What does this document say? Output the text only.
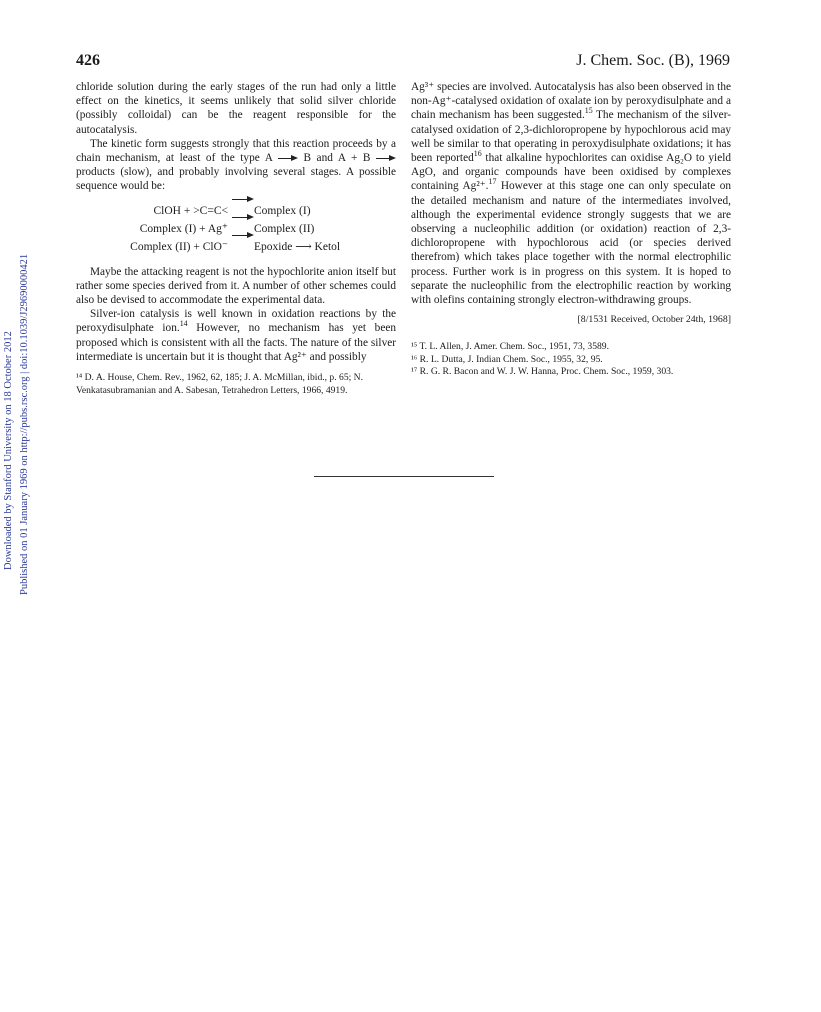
Downloaded by Stanford University on 18 October 2012 Published on 01 January 1969 on http://pubs.rsc.org | doi:10.1039/J29690000421
426	J. Chem. Soc. (B), 1969

chloride solution during the early stages of the run had only a little effect on the kinetics, it seems unlikely that solid silver chloride (possibly colloidal) can be the reagent responsible for the autocatalysis.

The kinetic form suggests strongly that this reaction proceeds by a chain mechanism, at least of the type A	B and A + B  products (slow), and probably involving several stages. A possible sequence would be:

ClOH + >C=C<	Complex (I)
Complex (I) + Ag⁺	Complex (II)
Complex (II) + ClO⁻	Epoxide ⟶ Ketol

Maybe the attacking reagent is not the hypochlorite anion itself but rather some species derived from it. A number of other schemes could also be devised to accommodate the experimental data.

Silver-ion catalysis is well known in oxidation reactions by the peroxydisulphate ion.$^{14}$ However, no mechanism has yet been proposed which is consistent with all the facts. The nature of the silver intermediate is uncertain but it is thought that Ag²⁺ and possibly

¹⁴ D. A. House, Chem. Rev., 1962, 62, 185; J. A. McMillan, ibid., p. 65; N. Venkatasubramanian and A. Sabesan, Tetrahedron Letters, 1966, 4919.

Ag³⁺ species are involved. Autocatalysis has also been observed in the non-Ag⁺-catalysed oxidation of oxalate ion by peroxydisulphate and a chain mechanism has been suggested.$^{15}$ The mechanism of the silver-catalysed oxidation of 2,3-dichloropropene by hypochlorous acid may well be similar to that operating in peroxydisulphate oxidations; it has been reported$^{16}$ that alkaline hypochlorites can oxidise Ag₂O to yield AgO, and organic compounds have been oxidised by complexes containing Ag²⁺.$^{17}$ However at this stage one can only speculate on the detailed mechanism and nature of the intermediates involved, although the experimental evidence strongly suggests that we are observing a nucleophilic addition (or oxidation) reaction of 2,3-dichloropropene with hypochlorous acid (or species derived therefrom) which takes place together with the normal electrophilic process. Further work is in progress on this system. It is hoped to separate the nucleophilic from the electrophilic reaction by working with olefins containing strongly electron-withdrawing groups.

[8/1531 Received, October 24th, 1968]

¹⁵ T. L. Allen, J. Amer. Chem. Soc., 1951, 73, 3589.

¹⁶ R. L. Dutta, J. Indian Chem. Soc., 1955, 32, 95.

¹⁷ R. G. R. Bacon and W. J. W. Hanna, Proc. Chem. Soc., 1959, 303.
